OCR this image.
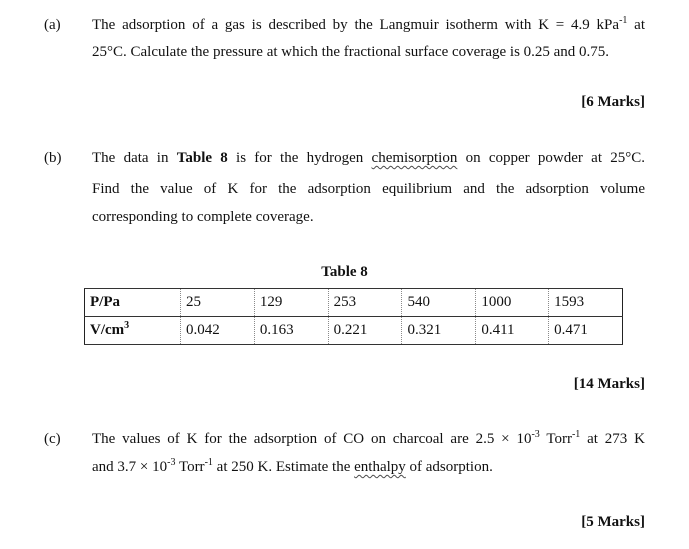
(a) The adsorption of a gas is described by the Langmuir isotherm with K = 4.9 kPa$^{-1}$ at
25°C. Calculate the pressure at which the fractional surface coverage is 0.25 and 0.75.
[6 Marks]
(b) The data in Table 8 is for the hydrogen chemisorption on copper powder at 25°C.
Find the value of K for the adsorption equilibrium and the adsorption volume
corresponding to complete coverage.
Table 8
P/Pa	25	129	253	540	1000	1593
$V/cm^3$	0.042	0.163	0.221	0.321	0.411	0.471
[14 Marks]
(c) The values of K for the adsorption of CO on charcoal are $2.5 \times 10^{-3}$ Torr$^{-1}$ at 273 K
and $3.7 \times 10^{-3}$ Torr$^{-1}$ at 250 K. Estimate the enthalpy of adsorption.
[5 Marks]
